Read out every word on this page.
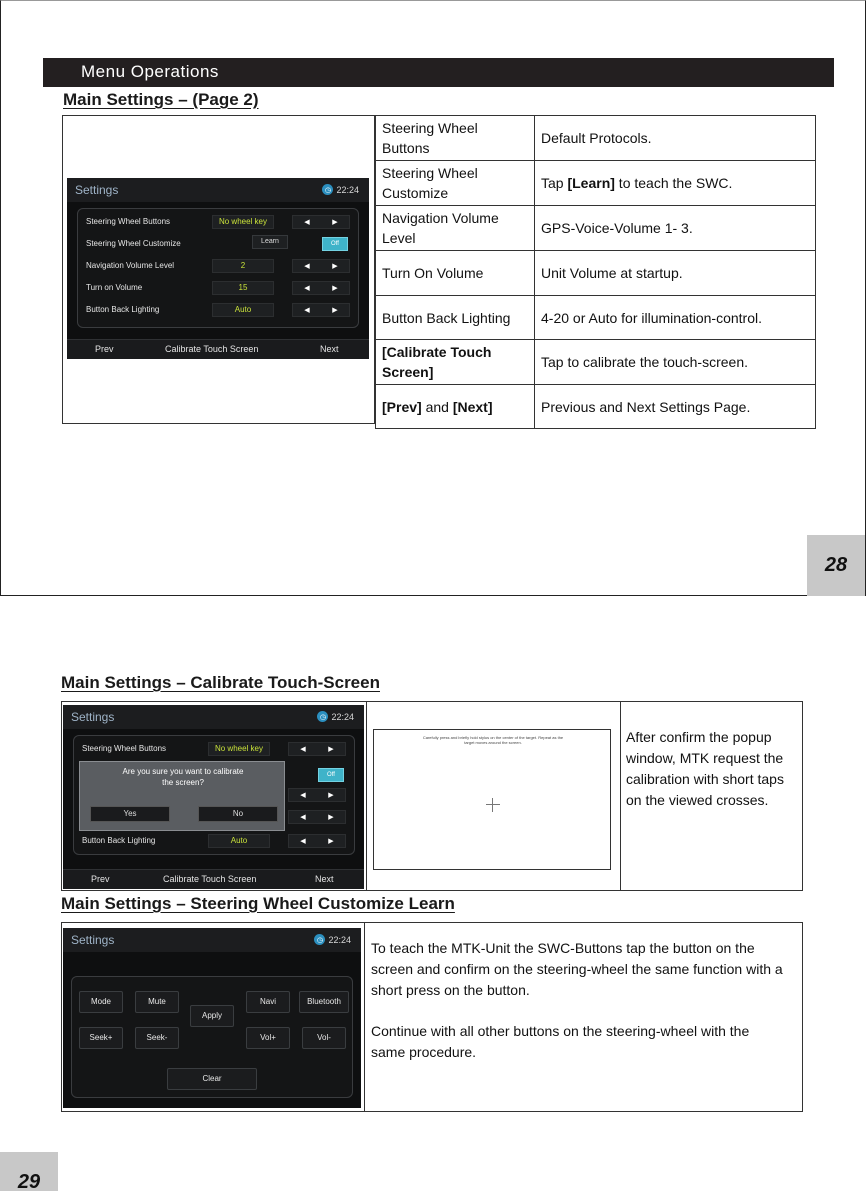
Menu Operations
Main Settings – (Page 2)
Settings	◷ 22:24
Steering Wheel Buttons	No wheel key	◀	▶
Steering Wheel Customize	Learn	Off
Navigation Volume Level	2	◀	▶
Turn on Volume	15	◀	▶
Button Back Lighting	Auto	◀	▶
Prev	Calibrate Touch Screen	Next
Steering Wheel Buttons	Default Protocols.
Steering Wheel Customize	Tap [Learn] to teach the SWC.
Navigation Volume Level	GPS-Voice-Volume 1- 3.
Turn On Volume	Unit Volume at startup.
Button Back Lighting	4-20 or Auto for illumination-control.
[Calibrate Touch Screen]	Tap to calibrate the touch-screen.
[Prev] and [Next]	Previous and Next Settings Page.
28
Main Settings – Calibrate Touch-Screen
Settings	◷ 22:24
Steering Wheel Buttons	No wheel key	◀	▶
Off
◀	▶
◀	▶
Button Back Lighting	Auto	◀	▶
Are you sure you want to calibrate the screen?
Yes	No
Prev	Calibrate Touch Screen	Next
Carefully press and briefly hold stylus on the center of the target. Repeat as the target moves around the screen.	After confirm the popup window, MTK request the calibration with short taps on the viewed crosses.
Main Settings – Steering Wheel Customize Learn
Settings	◷ 22:24
Mode	Mute
Apply
Navi	Bluetooth
Seek+	Seek-	Vol+	Vol-
Clear
To teach the MTK-Unit the SWC-Buttons tap the button on the screen and confirm on the steering-wheel the same function with a short press on the button.
Continue with all other buttons on the steering-wheel with the same procedure.
29
